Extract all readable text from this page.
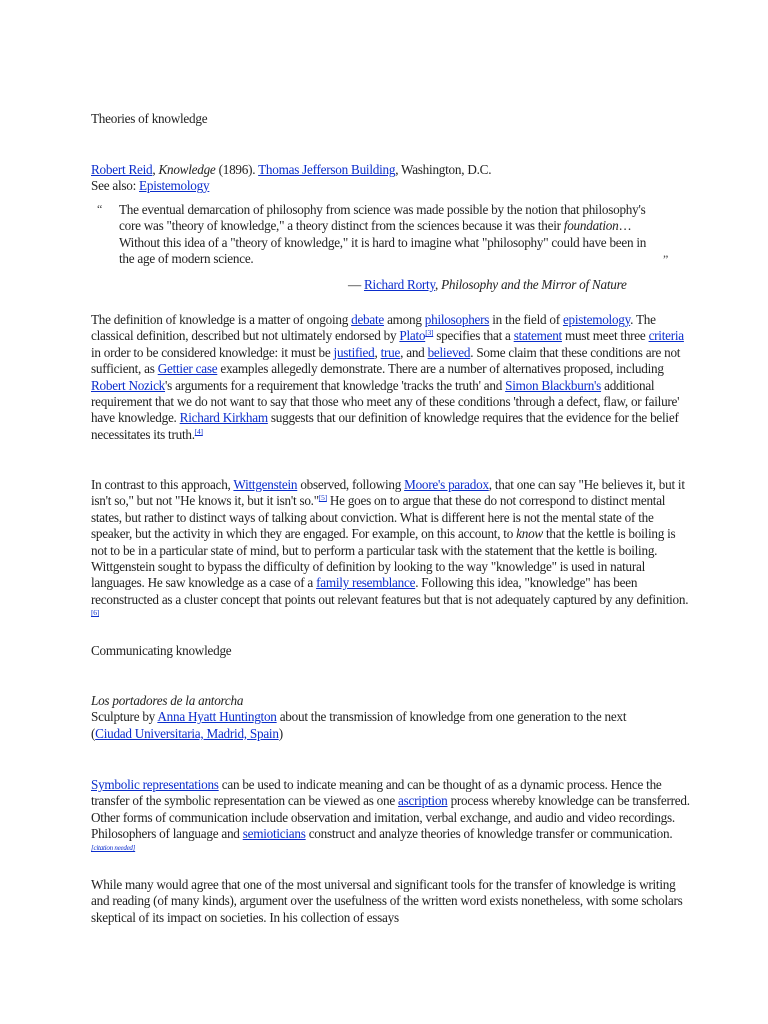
Theories of knowledge

Robert Reid, Knowledge (1896). Thomas Jefferson Building, Washington, D.C.

See also: Epistemology

“ The eventual demarcation of philosophy from science was made possible by the notion that philosophy's core was "theory of knowledge," a theory distinct from the sciences because it was their foundation… Without this idea of a "theory of knowledge," it is hard to imagine what "philosophy" could have been in the age of modern science.	”
— Richard Rorty, Philosophy and the Mirror of Nature

The definition of knowledge is a matter of ongoing debate among philosophers in the field of epistemology. The classical definition, described but not ultimately endorsed by Plato[3] specifies that a statement must meet three criteria in order to be considered knowledge: it must be justified, true, and believed. Some claim that these conditions are not sufficient, as Gettier case examples allegedly demonstrate. There are a number of alternatives proposed, including Robert Nozick's arguments for a requirement that knowledge 'tracks the truth' and Simon Blackburn's additional requirement that we do not want to say that those who meet any of these conditions 'through a defect, flaw, or failure' have knowledge. Richard Kirkham suggests that our definition of knowledge requires that the evidence for the belief necessitates its truth.[4]

In contrast to this approach, Wittgenstein observed, following Moore's paradox, that one can say "He believes it, but it isn't so," but not "He knows it, but it isn't so."[5] He goes on to argue that these do not correspond to distinct mental states, but rather to distinct ways of talking about conviction. What is different here is not the mental state of the speaker, but the activity in which they are engaged. For example, on this account, to know that the kettle is boiling is not to be in a particular state of mind, but to perform a particular task with the statement that the kettle is boiling. Wittgenstein sought to bypass the difficulty of definition by looking to the way "knowledge" is used in natural languages. He saw knowledge as a case of a family resemblance. Following this idea, "knowledge" has been reconstructed as a cluster concept that points out relevant features but that is not adequately captured by any definition.[6]

Communicating knowledge

Los portadores de la antorcha
Sculpture by Anna Hyatt Huntington about the transmission of knowledge from one generation to the next
(Ciudad Universitaria, Madrid, Spain)

Symbolic representations can be used to indicate meaning and can be thought of as a dynamic process. Hence the transfer of the symbolic representation can be viewed as one ascription process whereby knowledge can be transferred. Other forms of communication include observation and imitation, verbal exchange, and audio and video recordings. Philosophers of language and semioticians construct and analyze theories of knowledge transfer or communication.[citation needed]

While many would agree that one of the most universal and significant tools for the transfer of knowledge is writing and reading (of many kinds), argument over the usefulness of the written word exists nonetheless, with some scholars skeptical of its impact on societies. In his collection of essays
